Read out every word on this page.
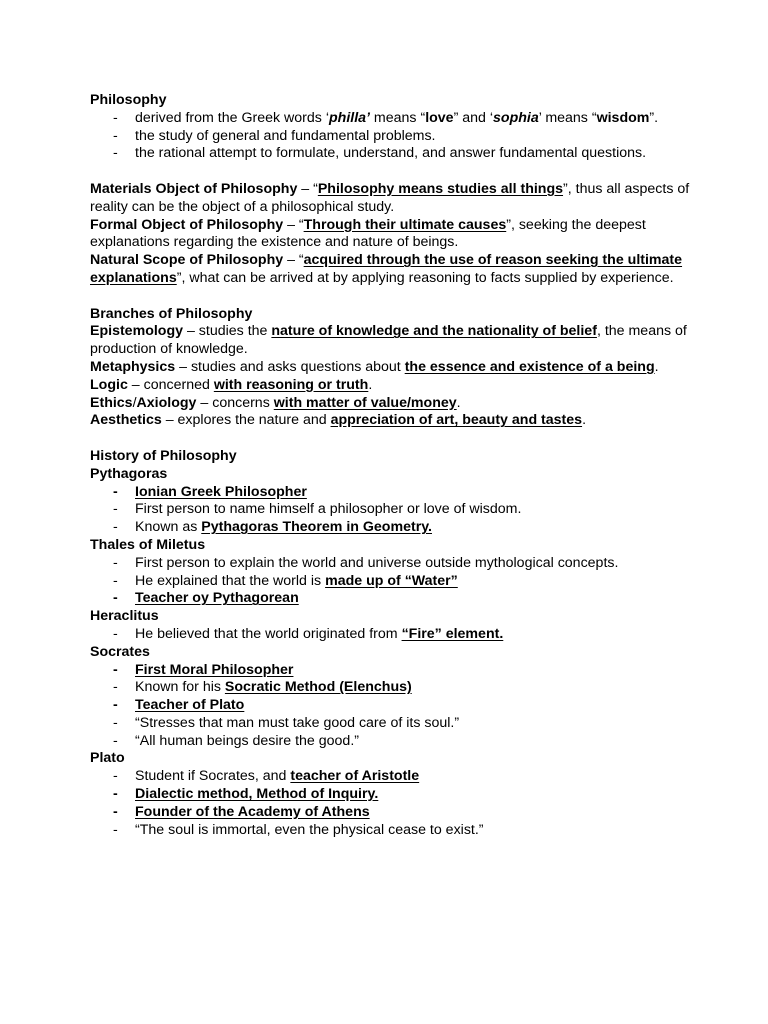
Philosophy
- derived from the Greek words ‘philla’ means “love” and ‘sophia’ means “wisdom”.
- the study of general and fundamental problems.
- the rational attempt to formulate, understand, and answer fundamental questions.
Materials Object of Philosophy – “Philosophy means studies all things”, thus all aspects of reality can be the object of a philosophical study.
Formal Object of Philosophy – “Through their ultimate causes”, seeking the deepest explanations regarding the existence and nature of beings.
Natural Scope of Philosophy – “acquired through the use of reason seeking the ultimate explanations”, what can be arrived at by applying reasoning to facts supplied by experience.
Branches of Philosophy
Epistemology – studies the nature of knowledge and the nationality of belief, the means of production of knowledge.
Metaphysics – studies and asks questions about the essence and existence of a being.
Logic – concerned with reasoning or truth.
Ethics/Axiology – concerns with matter of value/money.
Aesthetics – explores the nature and appreciation of art, beauty and tastes.
History of Philosophy
Pythagoras
- Ionian Greek Philosopher
- First person to name himself a philosopher or love of wisdom.
- Known as Pythagoras Theorem in Geometry.
Thales of Miletus
- First person to explain the world and universe outside mythological concepts.
- He explained that the world is made up of “Water”
- Teacher oy Pythagorean
Heraclitus
- He believed that the world originated from “Fire” element.
Socrates
- First Moral Philosopher
- Known for his Socratic Method (Elenchus)
- Teacher of Plato
- “Stresses that man must take good care of its soul.”
- “All human beings desire the good.”
Plato
- Student if Socrates, and teacher of Aristotle
- Dialectic method, Method of Inquiry.
- Founder of the Academy of Athens
- “The soul is immortal, even the physical cease to exist.”
